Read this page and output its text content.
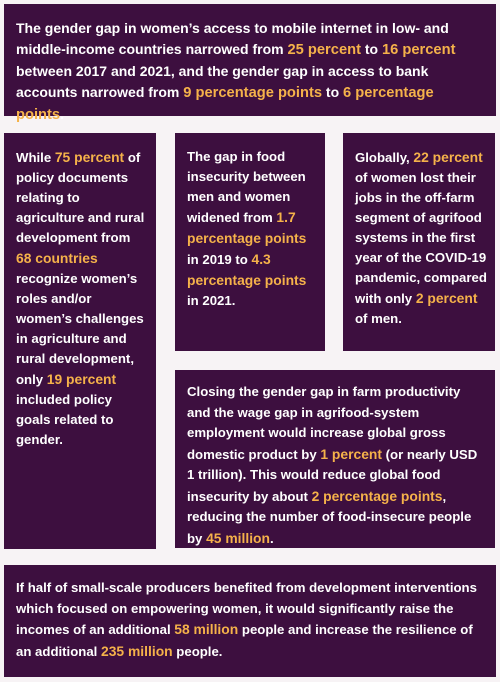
The gender gap in women’s access to mobile internet in low- and middle-income countries narrowed from 25 percent to 16 percent between 2017 and 2021, and the gender gap in access to bank accounts narrowed from 9 percentage points to 6 percentage points.

While 75 percent of policy documents relating to agriculture and rural development from 68 countries recognize women’s roles and/or women’s challenges in agriculture and rural development, only 19 percent included policy goals related to gender.

The gap in food insecurity between men and women widened from 1.7 percentage points in 2019 to 4.3 percentage points in 2021.

Globally, 22 percent of women lost their jobs in the off-farm segment of agrifood systems in the first year of the COVID-19 pandemic, compared with only 2 percent of men.

Closing the gender gap in farm productivity and the wage gap in agrifood-system employment would increase global gross domestic product by 1 percent (or nearly USD 1 trillion). This would reduce global food insecurity by about 2 percentage points, reducing the number of food-insecure people by 45 million.

If half of small-scale producers benefited from development interventions which focused on empowering women, it would significantly raise the incomes of an additional 58 million people and increase the resilience of an additional 235 million people.
